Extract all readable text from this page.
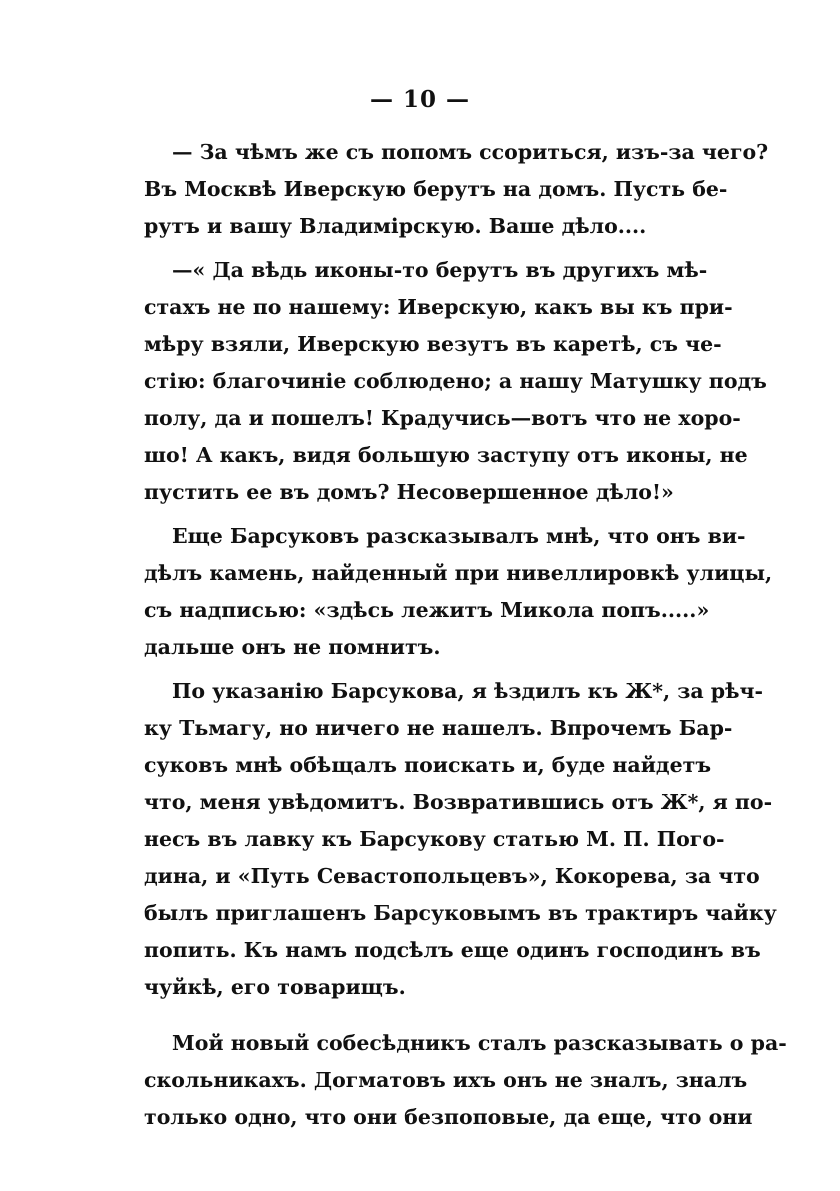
— 10 —
— За чѣмъ же съ попомъ ссориться, изъ-за чего?
Въ Москвѣ Иверскую берутъ на домъ. Пусть бе-
рутъ и вашу Владимірскую. Ваше дѣло....
—« Да вѣдь иконы-то берутъ въ другихъ мѣ-
стахъ не по нашему: Иверскую, какъ вы къ при-
мѣру взяли, Иверскую везутъ въ каретѣ, съ че-
стію: благочиніе соблюдено; а нашу Матушку подъ
полу, да и пошелъ! Крадучись—вотъ что не хоро-
шо! А какъ, видя большую заступу отъ иконы, не
пустить ее въ домъ? Несовершенное дѣло!»
Еще Барсуковъ разсказывалъ мнѣ, что онъ ви-
дѣлъ камень, найденный при нивеллировкѣ улицы,
съ надписью: «здѣсь лежитъ Микола попъ.....»
дальше онъ не помнитъ.
По указанію Барсукова, я ѣздилъ къ Ж*, за рѣч-
ку Тьмагу, но ничего не нашелъ. Впрочемъ Бар-
суковъ мнѣ обѣщалъ поискать и, буде найдетъ
что, меня увѣдомитъ. Возвратившись отъ Ж*, я по-
несъ въ лавку къ Барсукову статью М. П. Пого-
дина, и «Путь Севастопольцевъ», Кокорева, за что
былъ приглашенъ Барсуковымъ въ трактиръ чайку
попить. Къ намъ подсѣлъ еще одинъ господинъ въ
чуйкѣ, его товарищъ.
Мой новый собесѣдникъ сталъ разсказывать о ра-
скольникахъ. Догматовъ ихъ онъ не зналъ, зналъ
только одно, что они безпоповые, да еще, что они
